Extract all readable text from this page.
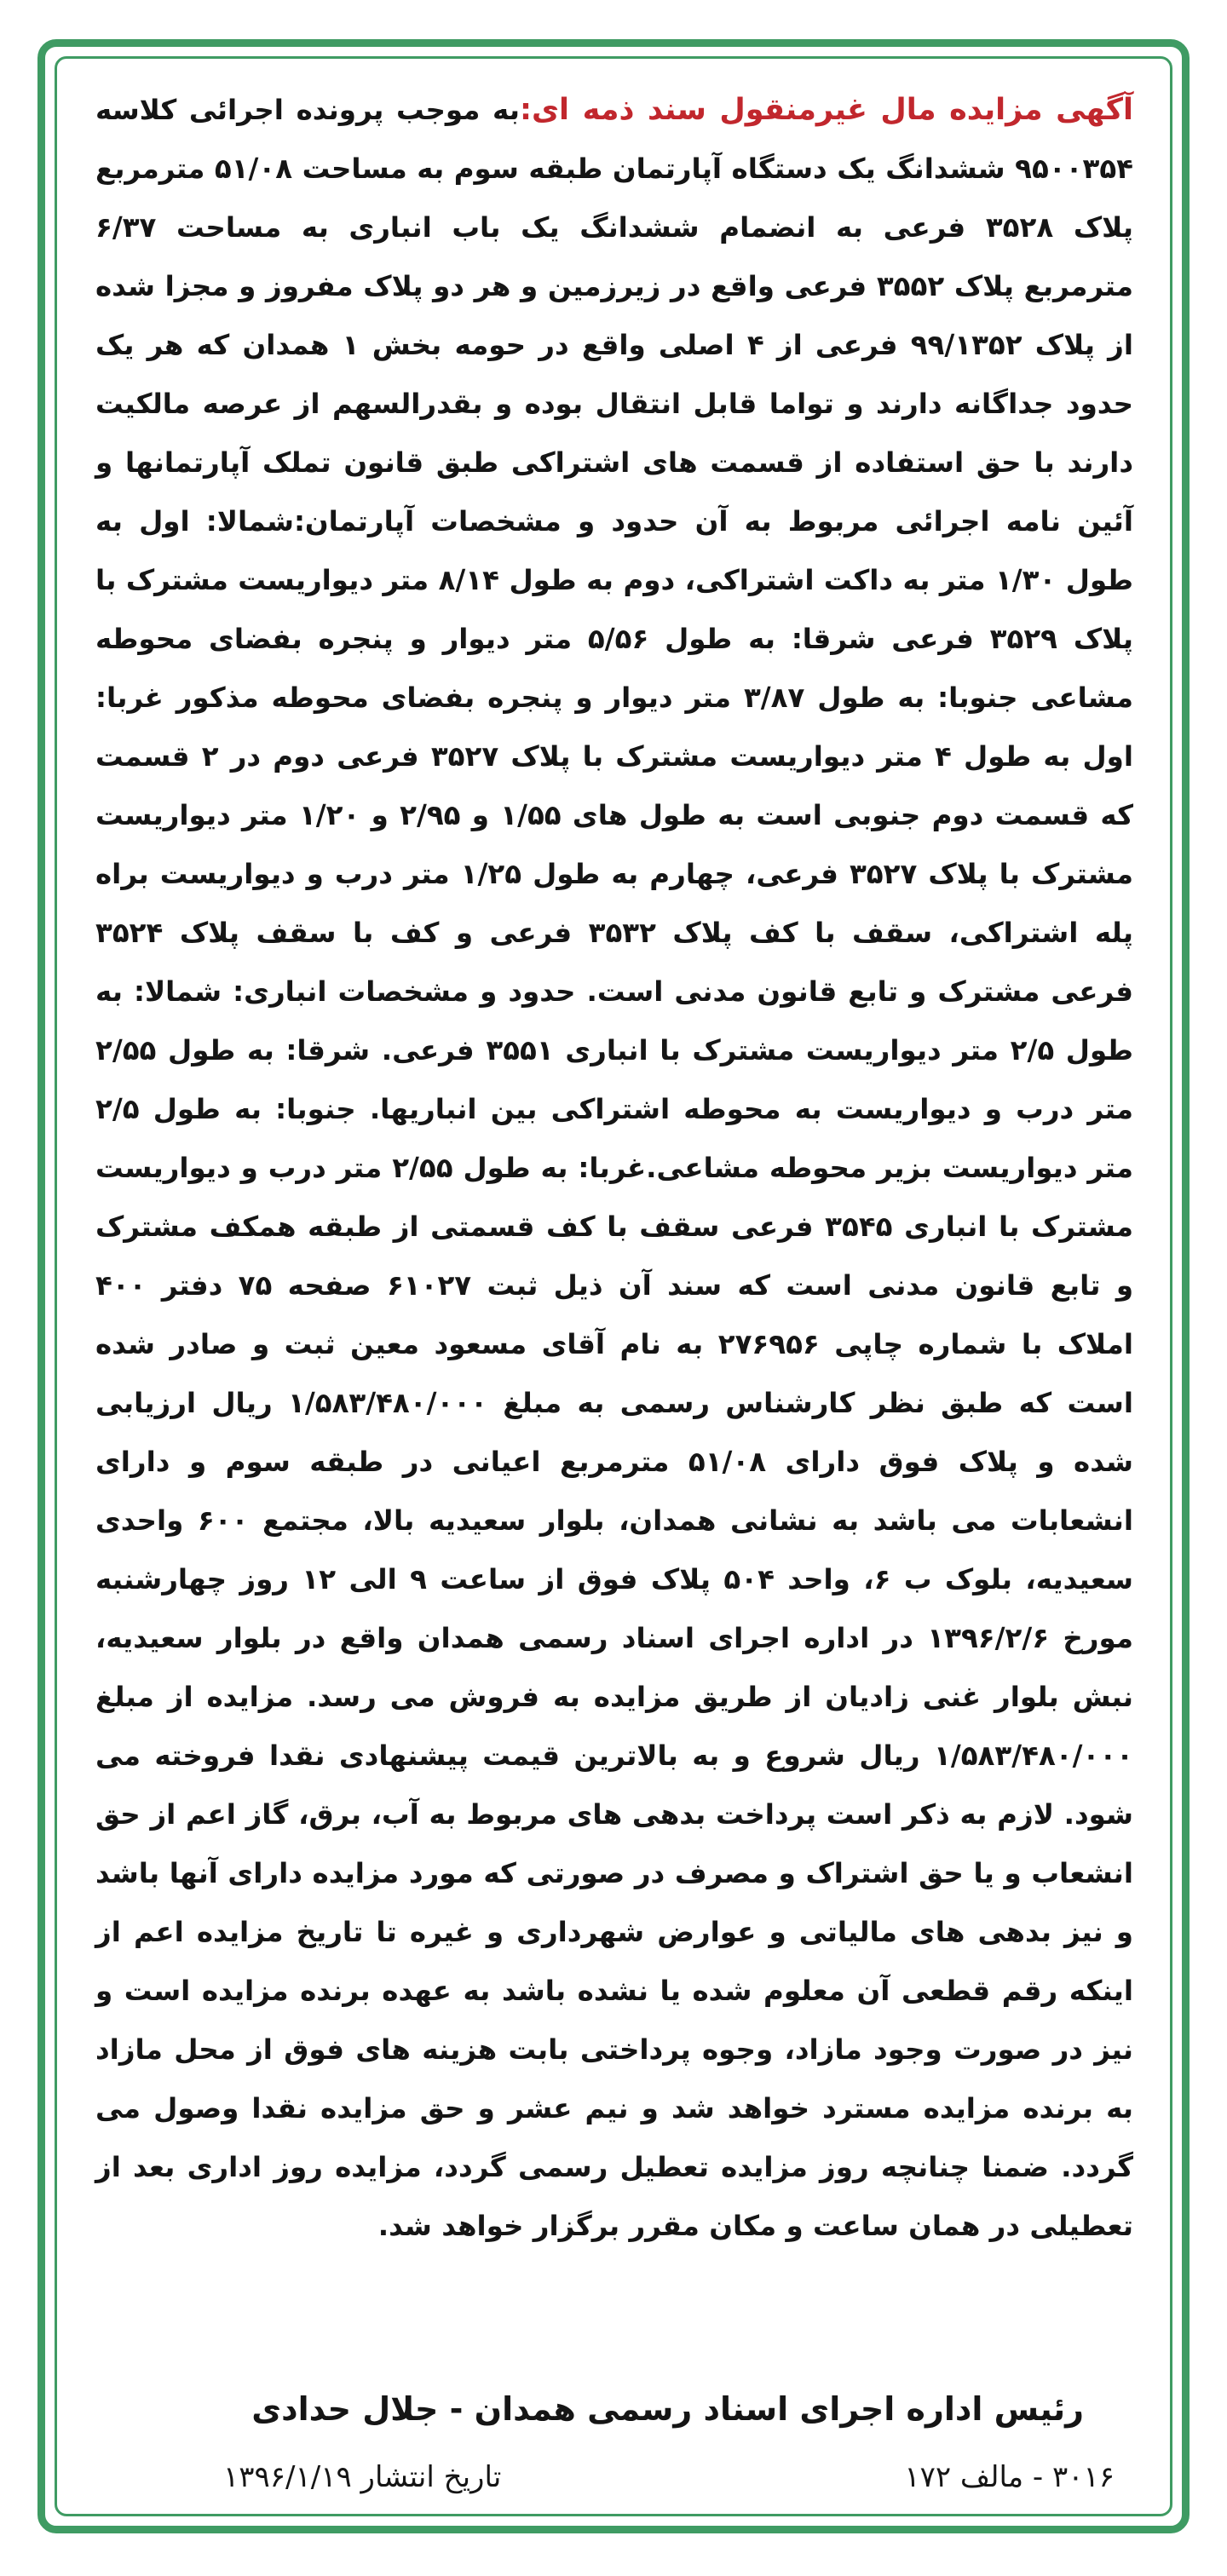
آگهی مزایده مال غیرمنقول سند ذمه ای:به موجب پرونده اجرائی کلاسه ۹۵۰۰۳۵۴ ششدانگ یک دستگاه آپارتمان طبقه سوم به مساحت ۵۱/۰۸ مترمربع پلاک ۳۵۲۸ فرعی به انضمام ششدانگ یک باب انباری به مساحت ۶/۳۷ مترمربع پلاک ۳۵۵۲ فرعی واقع در زیرزمین و هر دو پلاک مفروز و مجزا شده از پلاک ۹۹/۱۳۵۲ فرعی از ۴ اصلی واقع در حومه بخش ۱ همدان که هر یک حدود جداگانه دارند و تواما قابل انتقال بوده و بقدرالسهم از عرصه مالکیت دارند با حق استفاده از قسمت های اشتراکی طبق قانون تملک آپارتمانها و آئین نامه اجرائی مربوط به آن حدود و مشخصات آپارتمان:شمالا: اول به طول ۱/۳۰ متر به داکت اشتراکی، دوم به طول ۸/۱۴ متر دیواریست مشترک با پلاک ۳۵۲۹ فرعی شرقا: به طول ۵/۵۶ متر دیوار و پنجره بفضای محوطه مشاعی جنوبا: به طول ۳/۸۷ متر دیوار و پنجره بفضای محوطه مذکور غربا: اول به طول ۴ متر دیواریست مشترک با پلاک ۳۵۲۷ فرعی دوم در ۲ قسمت که قسمت دوم جنوبی است به طول های ۱/۵۵ و ۲/۹۵ و ۱/۲۰ متر دیواریست مشترک با پلاک ۳۵۲۷ فرعی، چهارم به طول ۱/۲۵ متر درب و دیواریست براه پله اشتراکی، سقف با کف پلاک ۳۵۳۲ فرعی و کف با سقف پلاک ۳۵۲۴ فرعی مشترک و تابع قانون مدنی است. حدود و مشخصات انباری: شمالا: به طول ۲/۵ متر دیواریست مشترک با انباری ۳۵۵۱ فرعی. شرقا: به طول ۲/۵۵ متر درب و دیواریست به محوطه اشتراکی بین انباریها. جنوبا: به طول ۲/۵ متر دیواریست بزیر محوطه مشاعی.غربا: به طول ۲/۵۵ متر درب و دیواریست مشترک با انباری ۳۵۴۵ فرعی سقف با کف قسمتی از طبقه همکف مشترک و تابع قانون مدنی است که سند آن ذیل ثبت ۶۱۰۲۷ صفحه ۷۵ دفتر ۴۰۰ املاک با شماره چاپی ۲۷۶۹۵۶ به نام آقای مسعود معین ثبت و صادر شده است که طبق نظر کارشناس رسمی به مبلغ ۱/۵۸۳/۴۸۰/۰۰۰ ریال ارزیابی شده و پلاک فوق دارای ۵۱/۰۸ مترمربع اعیانی در طبقه سوم و دارای انشعابات می باشد به نشانی همدان، بلوار سعیدیه بالا، مجتمع ۶۰۰ واحدی سعیدیه، بلوک ب ۶، واحد ۵۰۴ پلاک فوق از ساعت ۹ الی ۱۲ روز چهارشنبه مورخ ۱۳۹۶/۲/۶ در اداره اجرای اسناد رسمی همدان واقع در بلوار سعیدیه، نبش بلوار غنی زادیان از طریق مزایده به فروش می رسد. مزایده از مبلغ ۱/۵۸۳/۴۸۰/۰۰۰ ریال شروع و به بالاترین قیمت پیشنهادی نقدا فروخته می شود. لازم به ذکر است پرداخت بدهی های مربوط به آب، برق، گاز اعم از حق انشعاب و یا حق اشتراک و مصرف در صورتی که مورد مزایده دارای آنها باشد و نیز بدهی های مالیاتی و عوارض شهرداری و غیره تا تاریخ مزایده اعم از اینکه رقم قطعی آن معلوم شده یا نشده باشد به عهده برنده مزایده است و نیز در صورت وجود مازاد، وجوه پرداختی بابت هزینه های فوق از محل مازاد به برنده مزایده مسترد خواهد شد و نیم عشر و حق مزایده نقدا وصول می گردد. ضمنا چنانچه روز مزایده تعطیل رسمی گردد، مزایده روز اداری بعد از تعطیلی در همان ساعت و مکان مقرر برگزار خواهد شد.
رئیس اداره اجرای اسناد رسمی همدان - جلال حدادی
تاریخ انتشار ۱۳۹۶/۱/۱۹	۳۰۱۶ - مالف ۱۷۲
